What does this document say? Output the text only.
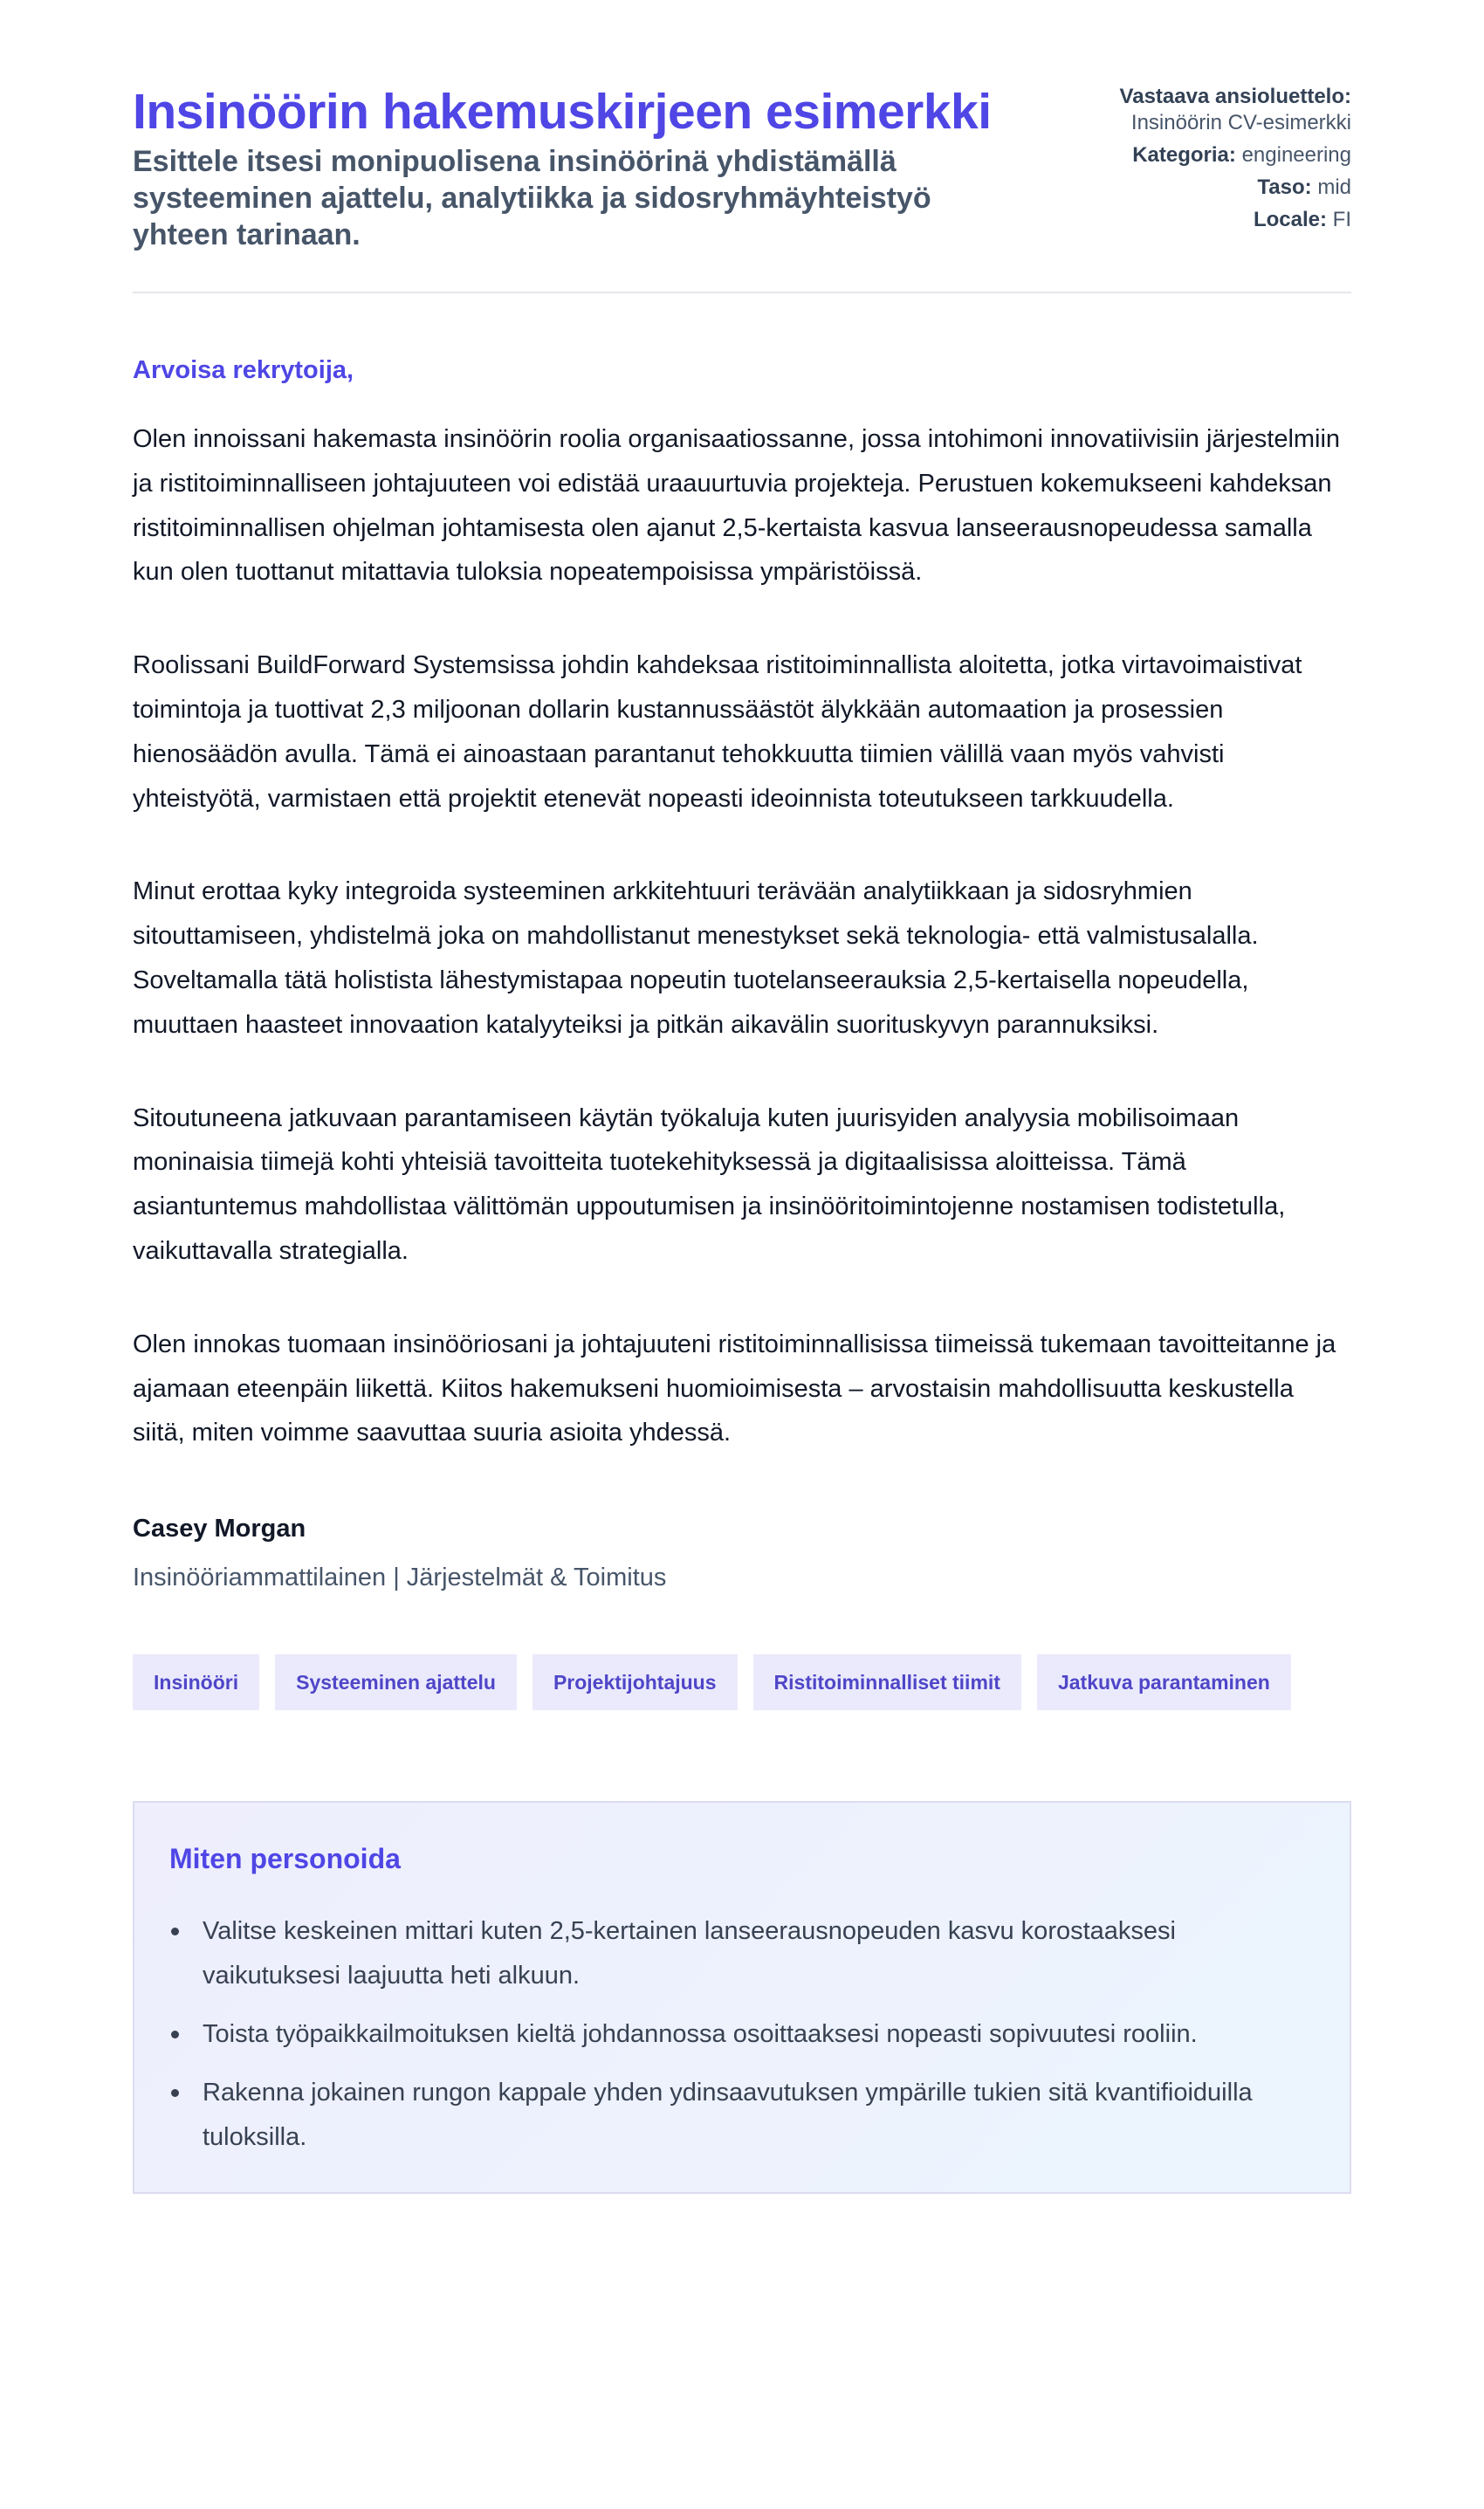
Insinöörin hakemuskirjeen esimerkki

Esittele itsesi monipuolisena insinöörinä yhdistämällä systeeminen ajattelu, analytiikka ja sidosryhmäyhteistyö yhteen tarinaan.

Vastaava ansioluettelo: Insinöörin CV-esimerkki
Kategoria: engineering
Taso: mid
Locale: FI

Arvoisa rekrytoija,

Olen innoissani hakemasta insinöörin roolia organisaatiossanne, jossa intohimoni innovatiivisiin järjestelmiin ja ristitoiminnalliseen johtajuuteen voi edistää uraauurtuvia projekteja. Perustuen kokemukseeni kahdeksan ristitoiminnallisen ohjelman johtamisesta olen ajanut 2,5-kertaista kasvua lanseerausnopeudessa samalla kun olen tuottanut mitattavia tuloksia nopeatempoisissa ympäristöissä.

Roolissani BuildForward Systemsissa johdin kahdeksaa ristitoiminnallista aloitetta, jotka virtavoimaistivat toimintoja ja tuottivat 2,3 miljoonan dollarin kustannussäästöt älykkään automaation ja prosessien hienosäädön avulla. Tämä ei ainoastaan parantanut tehokkuutta tiimien välillä vaan myös vahvisti yhteistyötä, varmistaen että projektit etenevät nopeasti ideoinnista toteutukseen tarkkuudella.

Minut erottaa kyky integroida systeeminen arkkitehtuuri terävään analytiikkaan ja sidosryhmien sitouttamiseen, yhdistelmä joka on mahdollistanut menestykset sekä teknologia- että valmistusalalla. Soveltamalla tätä holistista lähestymistapaa nopeutin tuotelanseerauksia 2,5-kertaisella nopeudella, muuttaen haasteet innovaation katalyyteiksi ja pitkän aikavälin suorituskyvyn parannuksiksi.

Sitoutuneena jatkuvaan parantamiseen käytän työkaluja kuten juurisyiden analyysia mobilisoimaan moninaisia tiimejä kohti yhteisiä tavoitteita tuotekehityksessä ja digitaalisissa aloitteissa. Tämä asiantuntemus mahdollistaa välittömän uppoutumisen ja insinööritoimintojenne nostamisen todistetulla, vaikuttavalla strategialla.

Olen innokas tuomaan insinööriosani ja johtajuuteni ristitoiminnallisissa tiimeissä tukemaan tavoitteitanne ja ajamaan eteenpäin liikettä. Kiitos hakemukseni huomioimisesta – arvostaisin mahdollisuutta keskustella siitä, miten voimme saavuttaa suuria asioita yhdessä.

Casey Morgan

Insinööriammattilainen | Järjestelmät & Toimitus

Insinööri	Systeeminen ajattelu	Projektijohtajuus	Ristitoiminnalliset tiimit	Jatkuva parantaminen
Miten personoida
Valitse keskeinen mittari kuten 2,5-kertainen lanseerausnopeuden kasvu korostaaksesi vaikutuksesi laajuutta heti alkuun.
Toista työpaikkailmoituksen kieltä johdannossa osoittaaksesi nopeasti sopivuutesi rooliin.
Rakenna jokainen rungon kappale yhden ydinsaavutuksen ympärille tukien sitä kvantifioiduilla tuloksilla.
